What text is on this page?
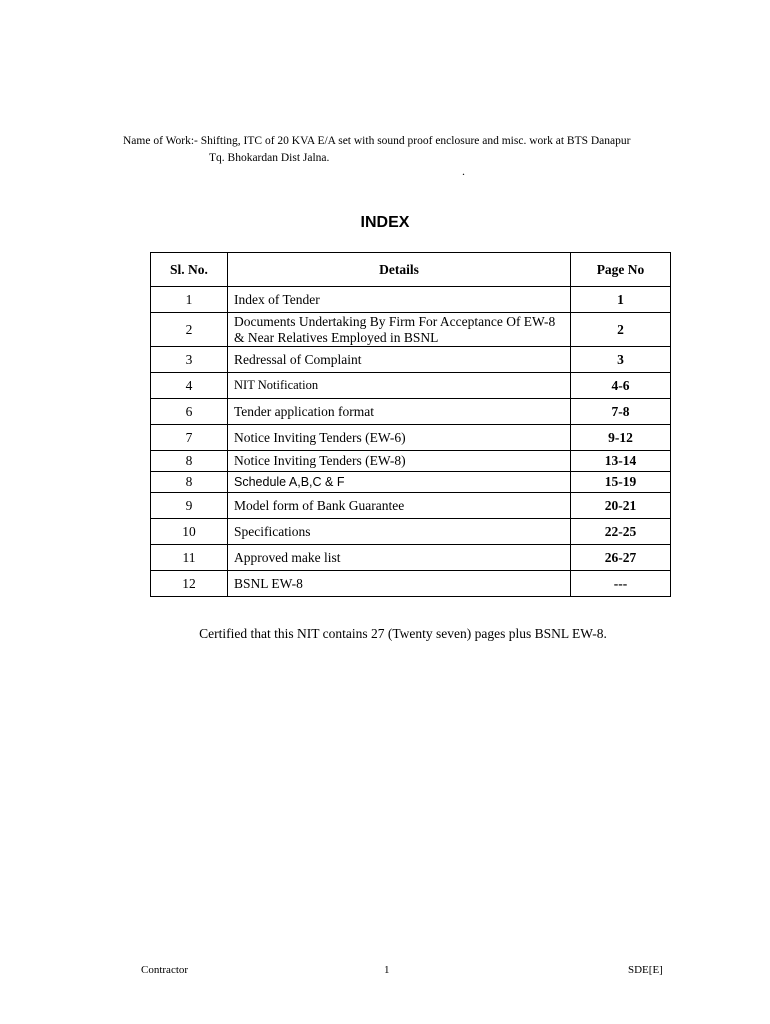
Name of Work:- Shifting, ITC of 20 KVA E/A set with sound proof enclosure and misc. work at BTS Danapur
Tq. Bhokardan Dist Jalna.
.
INDEX
Sl. No.	Details	Page No
1	Index of Tender	1
2	Documents Undertaking By Firm For Acceptance Of EW-8 & Near Relatives Employed in BSNL	2
3	Redressal of Complaint	3
4	NIT Notification	4-6
6	Tender application format	7-8
7	Notice Inviting Tenders (EW-6)	9-12
8	Notice Inviting Tenders (EW-8)	13-14
8	Schedule A,B,C & F	15-19
9	Model form of Bank Guarantee	20-21
10	Specifications	22-25
11	Approved make list	26-27
12	BSNL EW-8	---
Certified that this NIT contains 27 (Twenty seven) pages plus BSNL EW-8.
Contractor	1	SDE[E]
